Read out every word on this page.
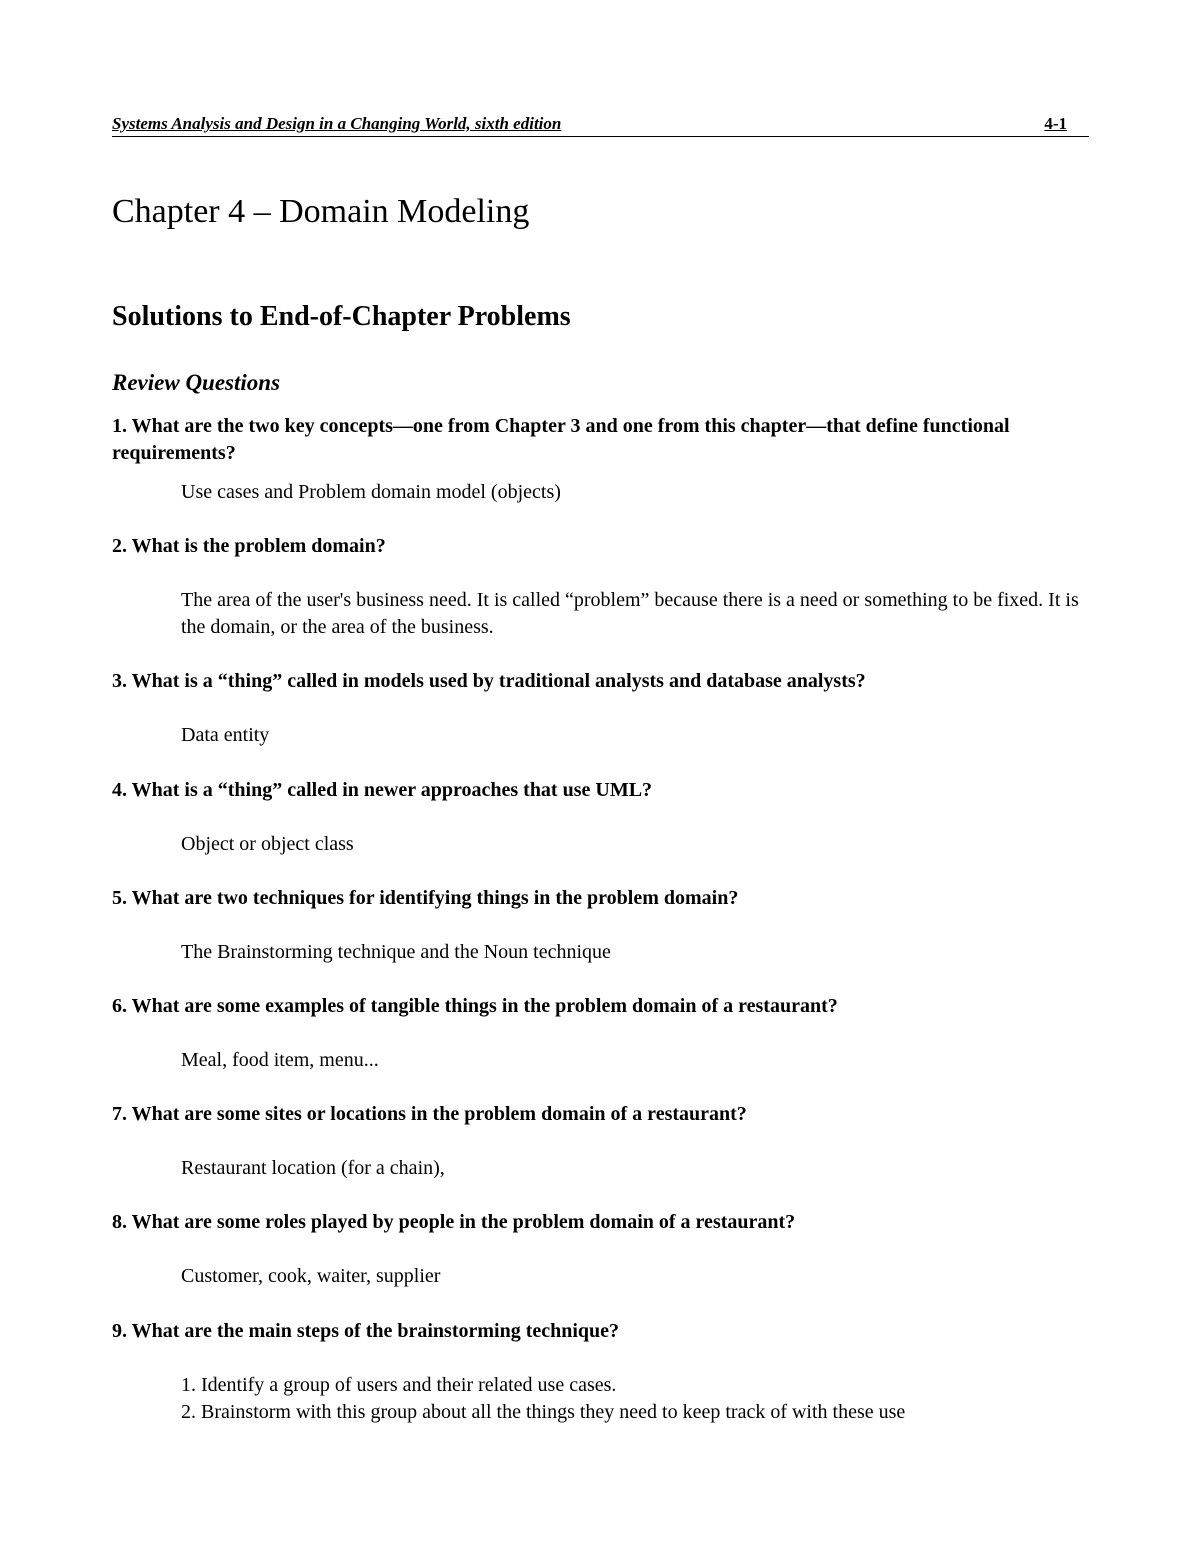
Systems Analysis and Design in a Changing World, sixth edition	4-1
Chapter 4 – Domain Modeling
Solutions to End-of-Chapter Problems
Review Questions
1. What are the two key concepts—one from Chapter 3 and one from this chapter—that define functional requirements?
Use cases and Problem domain model (objects)
2. What is the problem domain?
The area of the user's business need. It is called “problem” because there is a need or something to be fixed. It is the domain, or the area of the business.
3. What is a “thing” called in models used by traditional analysts and database analysts?
Data entity
4. What is a “thing” called in newer approaches that use UML?
Object or object class
5. What are two techniques for identifying things in the problem domain?
The Brainstorming technique and the Noun technique
6. What are some examples of tangible things in the problem domain of a restaurant?
Meal, food item, menu...
7. What are some sites or locations in the problem domain of a restaurant?
Restaurant location (for a chain),
8. What are some roles played by people in the problem domain of a restaurant?
Customer, cook, waiter, supplier
9. What are the main steps of the brainstorming technique?
1. Identify a group of users and their related use cases.
2. Brainstorm with this group about all the things they need to keep track of with these use
